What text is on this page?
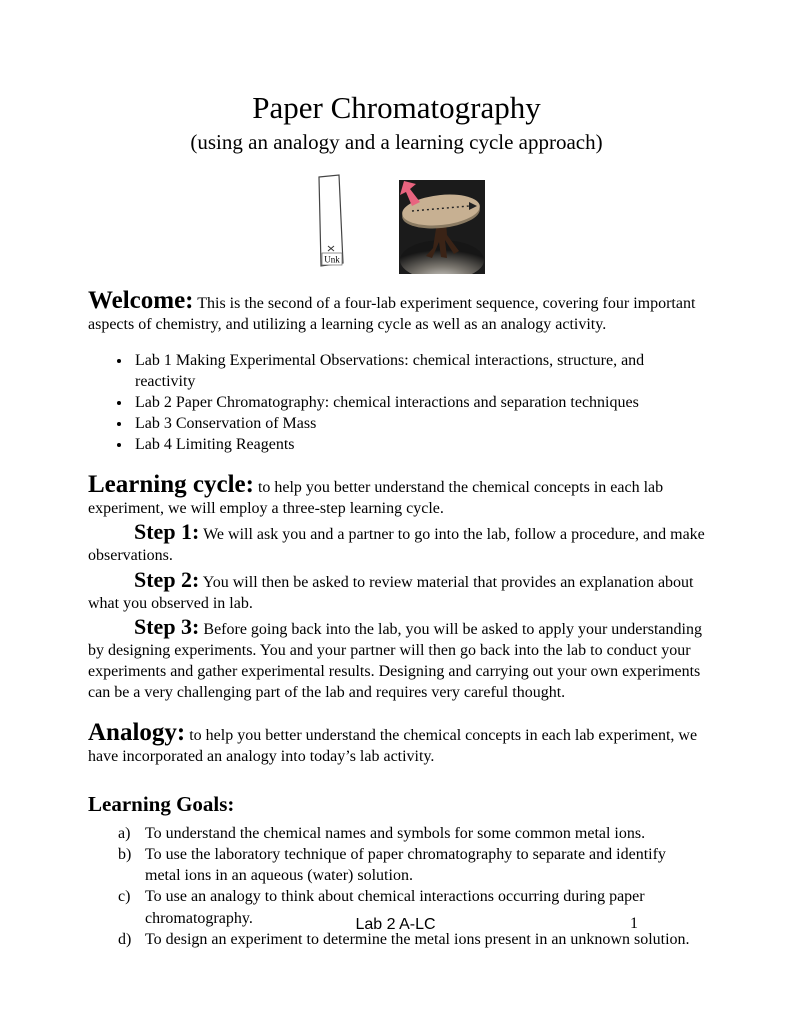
Paper Chromatography
(using an analogy and a learning cycle approach)
Unk

Welcome: This is the second of a four-lab experiment sequence, covering four important aspects of chemistry, and utilizing a learning cycle as well as an analogy activity.

• Lab 1 Making Experimental Observations: chemical interactions, structure, and reactivity
• Lab 2 Paper Chromatography: chemical interactions and separation techniques
• Lab 3 Conservation of Mass
• Lab 4 Limiting Reagents

Learning cycle: to help you better understand the chemical concepts in each lab experiment, we will employ a three-step learning cycle.

Step 1: We will ask you and a partner to go into the lab, follow a procedure, and make observations.

Step 2: You will then be asked to review material that provides an explanation about what you observed in lab.

Step 3: Before going back into the lab, you will be asked to apply your understanding by designing experiments. You and your partner will then go back into the lab to conduct your experiments and gather experimental results. Designing and carrying out your own experiments can be a very challenging part of the lab and requires very careful thought.

Analogy: to help you better understand the chemical concepts in each lab experiment, we have incorporated an analogy into today’s lab activity.

Learning Goals:
a) To understand the chemical names and symbols for some common metal ions.
b) To use the laboratory technique of paper chromatography to separate and identify metal ions in an aqueous (water) solution.
c) To use an analogy to think about chemical interactions occurring during paper chromatography.
d) To design an experiment to determine the metal ions present in an unknown solution.
Lab 2 A-LC	1
